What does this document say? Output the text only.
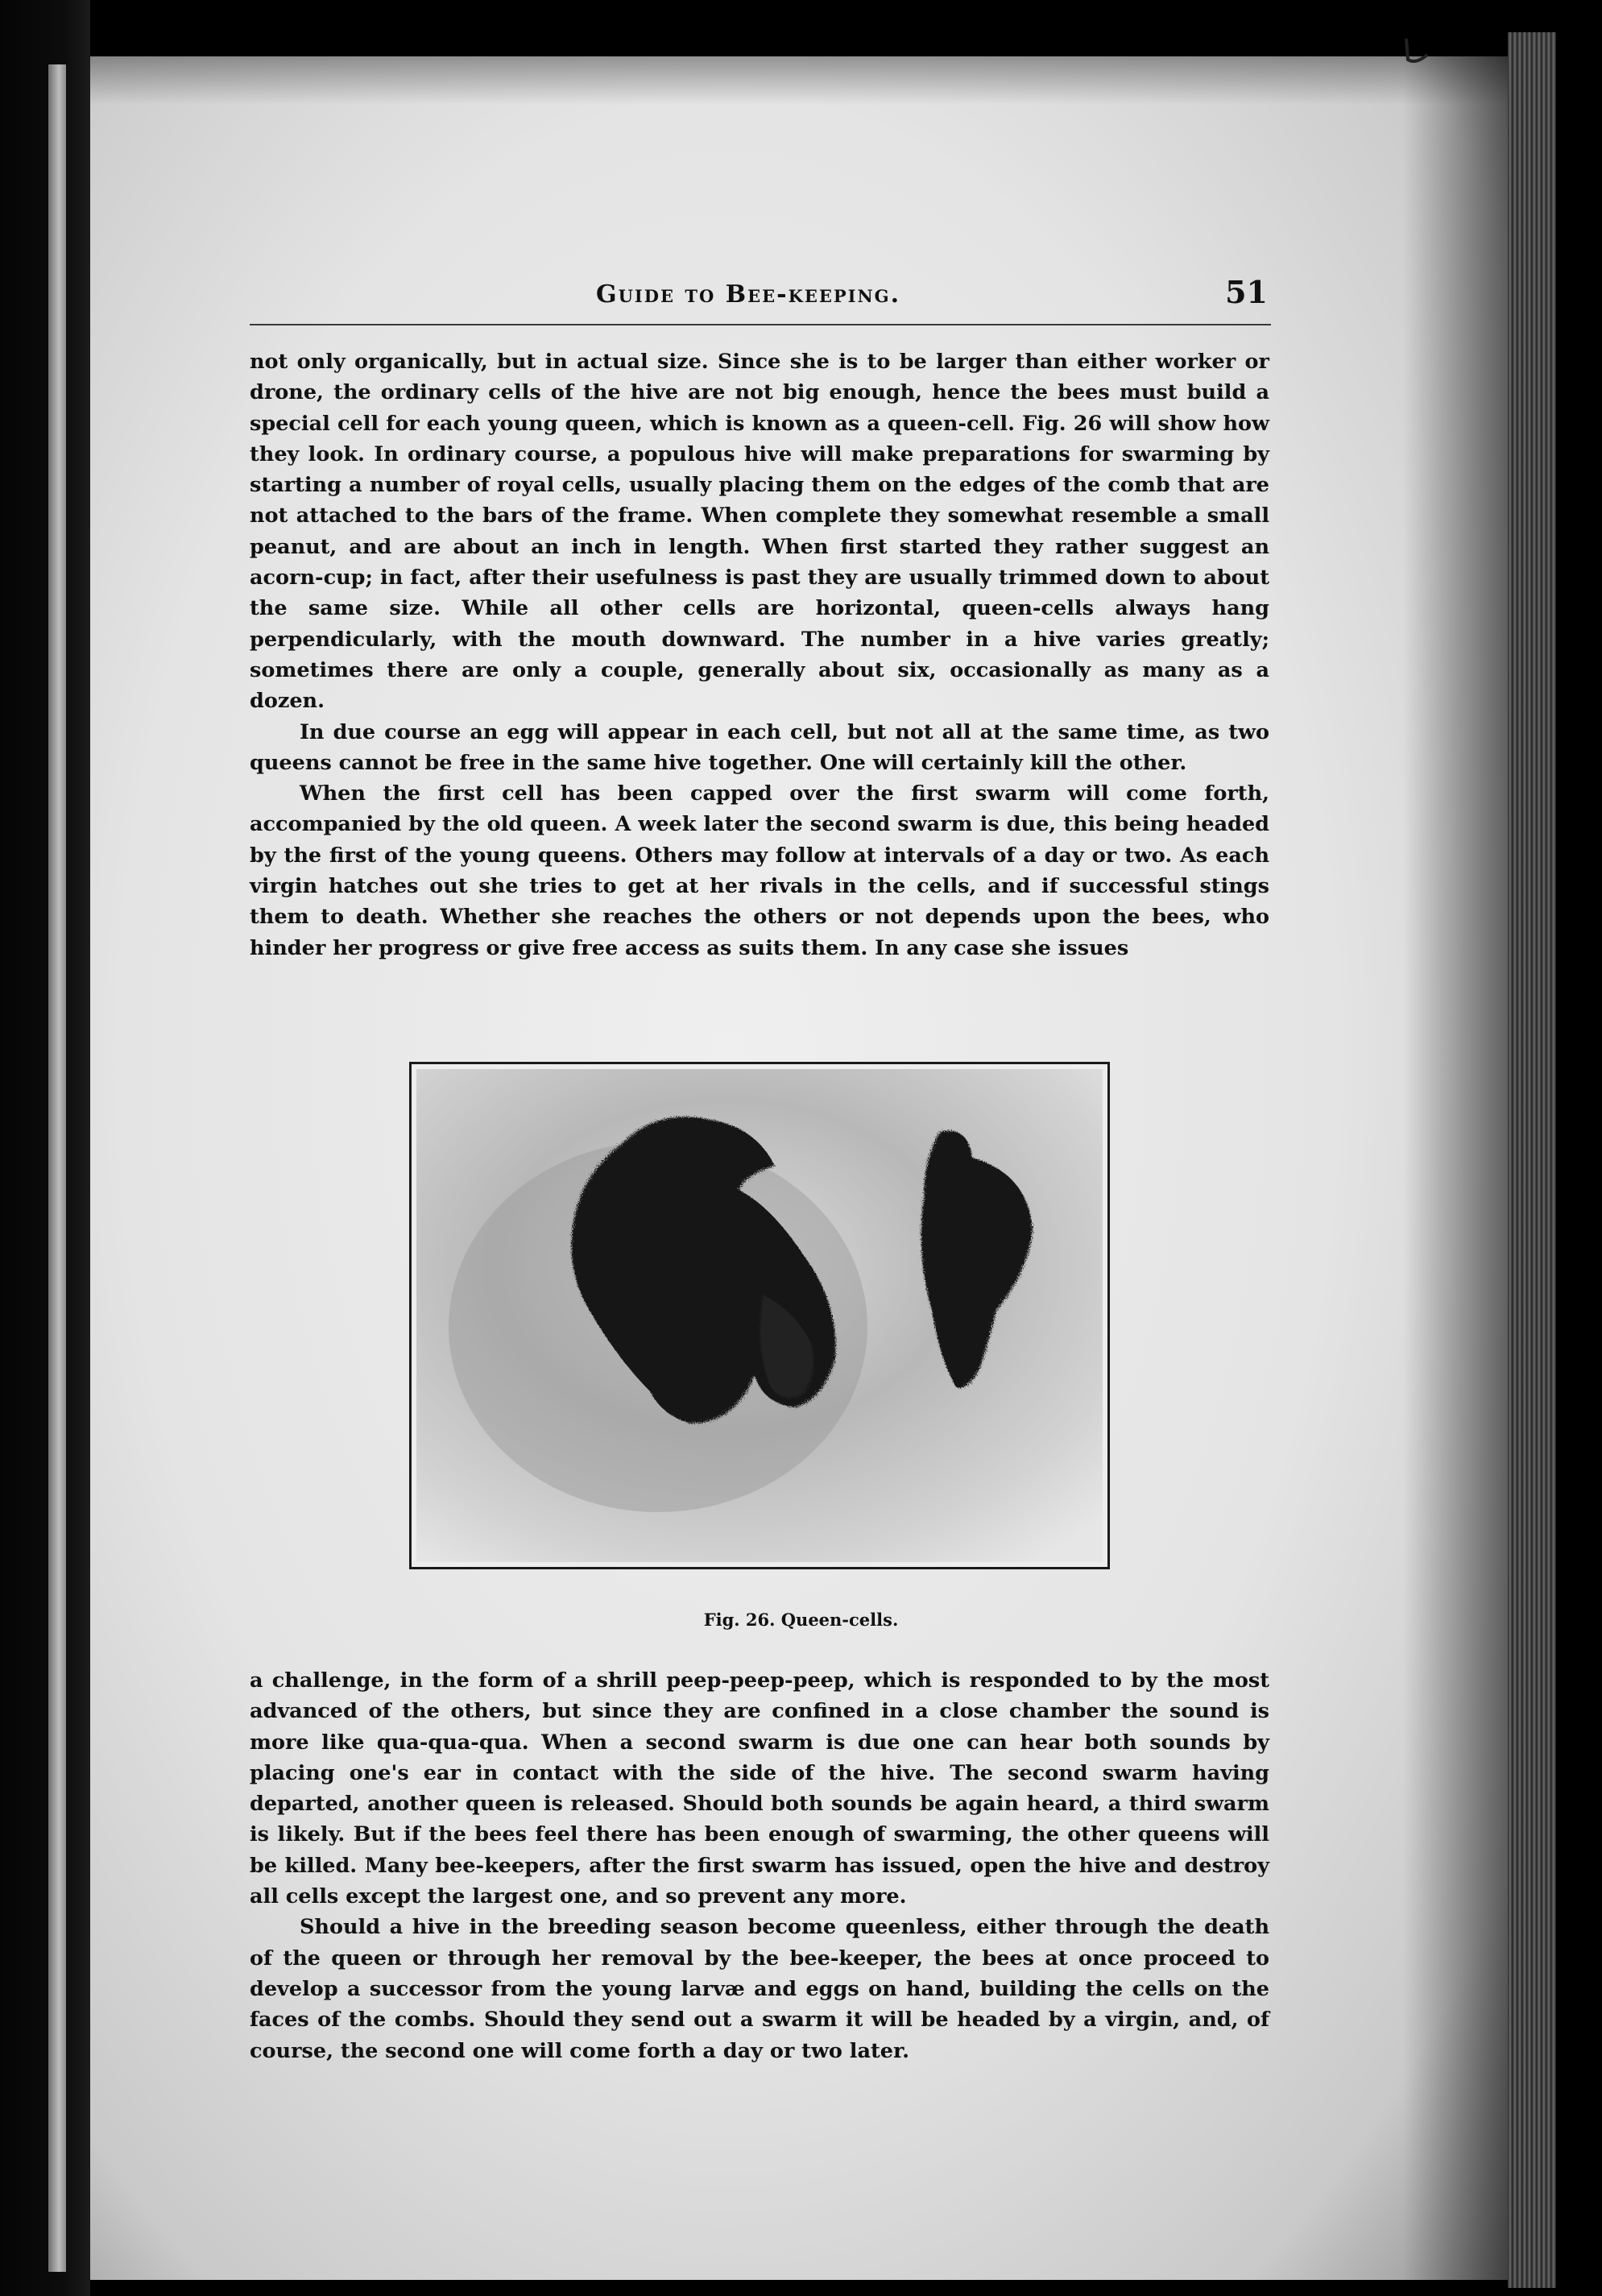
Guide to Bee-keeping.	51

not only organically, but in actual size. Since she is to be larger than either worker or drone, the ordinary cells of the hive are not big enough, hence the bees must build a special cell for each young queen, which is known as a queen-cell. Fig. 26 will show how they look. In ordinary course, a populous hive will make preparations for swarming by starting a number of royal cells, usually placing them on the edges of the comb that are not attached to the bars of the frame. When complete they somewhat resemble a small peanut, and are about an inch in length. When first started they rather suggest an acorn-cup; in fact, after their usefulness is past they are usually trimmed down to about the same size. While all other cells are horizontal, queen-cells always hang perpendicularly, with the mouth downward. The number in a hive varies greatly; sometimes there are only a couple, generally about six, occasionally as many as a dozen.

In due course an egg will appear in each cell, but not all at the same time, as two queens cannot be free in the same hive together. One will certainly kill the other.

When the first cell has been capped over the first swarm will come forth, accompanied by the old queen. A week later the second swarm is due, this being headed by the first of the young queens. Others may follow at intervals of a day or two. As each virgin hatches out she tries to get at her rivals in the cells, and if successful stings them to death. Whether she reaches the others or not depends upon the bees, who hinder her progress or give free access as suits them. In any case she issues

Fig. 26. Queen-cells.

a challenge, in the form of a shrill peep-peep-peep, which is responded to by the most advanced of the others, but since they are confined in a close chamber the sound is more like qua-qua-qua. When a second swarm is due one can hear both sounds by placing one's ear in contact with the side of the hive. The second swarm having departed, another queen is released. Should both sounds be again heard, a third swarm is likely. But if the bees feel there has been enough of swarming, the other queens will be killed. Many bee-keepers, after the first swarm has issued, open the hive and destroy all cells except the largest one, and so prevent any more.

Should a hive in the breeding season become queenless, either through the death of the queen or through her removal by the bee-keeper, the bees at once proceed to develop a successor from the young larvæ and eggs on hand, building the cells on the faces of the combs. Should they send out a swarm it will be headed by a virgin, and, of course, the second one will come forth a day or two later.
